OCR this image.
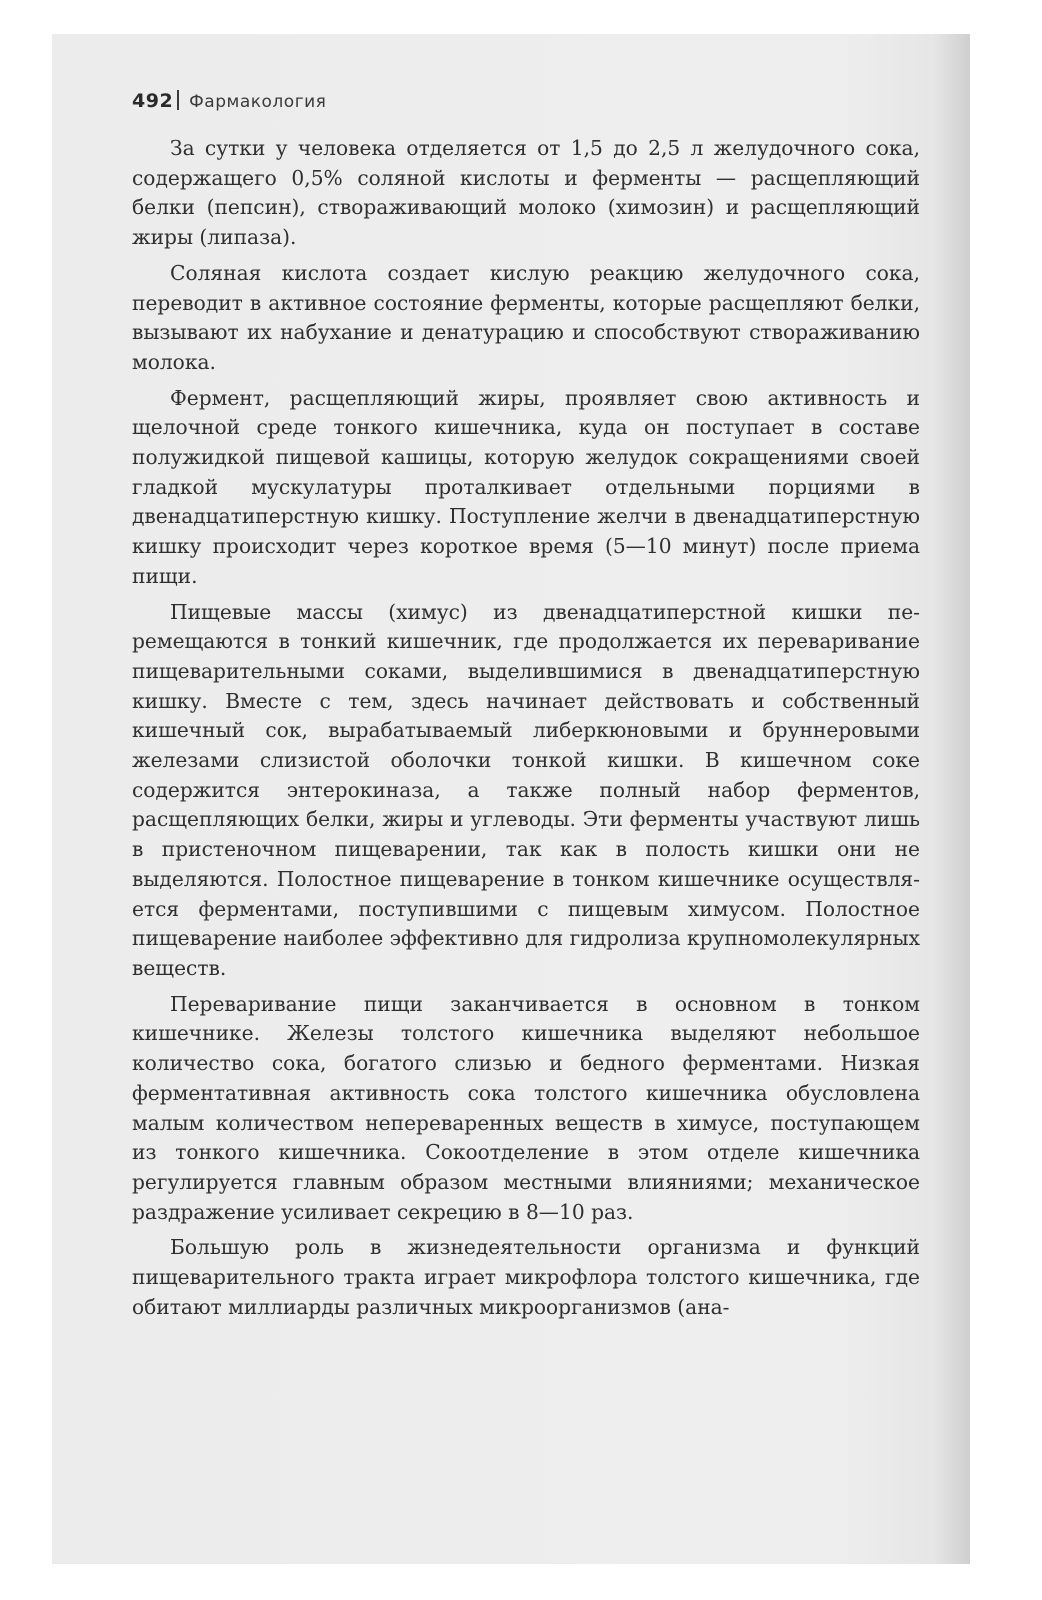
492 Фармакология

За сутки у человека отделяется от 1,5 до 2,5 л желудочного сока, содержащего 0,5% соляной кислоты и ферменты — расщепляющий белки (пепсин), створаживающий молоко (химозин) и расщепляющий жиры (липаза).

Соляная кислота создает кислую реакцию желудочного сока, переводит в активное состояние ферменты, которые расщепляют белки, вызывают их набухание и денатурацию и способствуют створаживанию молока.

Фермент, расщепляющий жиры, проявляет свою активность и щелочной среде тонкого кишечника, куда он поступает в составе полужидкой пищевой кашицы, которую желудок сокращениями своей гладкой мускулатуры проталкивает отдельными порциями в двенадцатиперстную кишку. Поступление желчи в двенадцатиперстную кишку происходит через короткое время (5—10 минут) после приема пищи.

Пищевые массы (химус) из двенадцатиперстной кишки перемещаются в тонкий кишечник, где продолжается их переваривание пищеварительными соками, выделившимися в двенадцатиперстную кишку. Вместе с тем, здесь начинает действовать и собственный кишечный сок, вырабатываемый либеркюновыми и бруннеровыми железами слизистой оболочки тонкой кишки. В кишечном соке содержится энтерокиназа, а также полный набор ферментов, расщепляющих белки, жиры и углеводы. Эти ферменты участвуют лишь в пристеночном пищеварении, так как в полость кишки они не выделяются. Полостное пищеварение в тонком кишечнике осуществляется ферментами, поступившими с пищевым химусом. Полостное пищеварение наиболее эффективно для гидролиза крупномолекулярных веществ.

Переваривание пищи заканчивается в основном в тонком кишечнике. Железы толстого кишечника выделяют небольшое количество сока, богатого слизью и бедного ферментами. Низкая ферментативная активность сока толстого кишечника обусловлена малым количеством непереваренных веществ в химусе, поступающем из тонкого кишечника. Сокоотделение в этом отделе кишечника регулируется главным образом местными влияниями; механическое раздражение усиливает секрецию в 8—10 раз.

Большую роль в жизнедеятельности организма и функций пищеварительного тракта играет микрофлора толстого кишечника, где обитают миллиарды различных микроорганизмов (ана-
